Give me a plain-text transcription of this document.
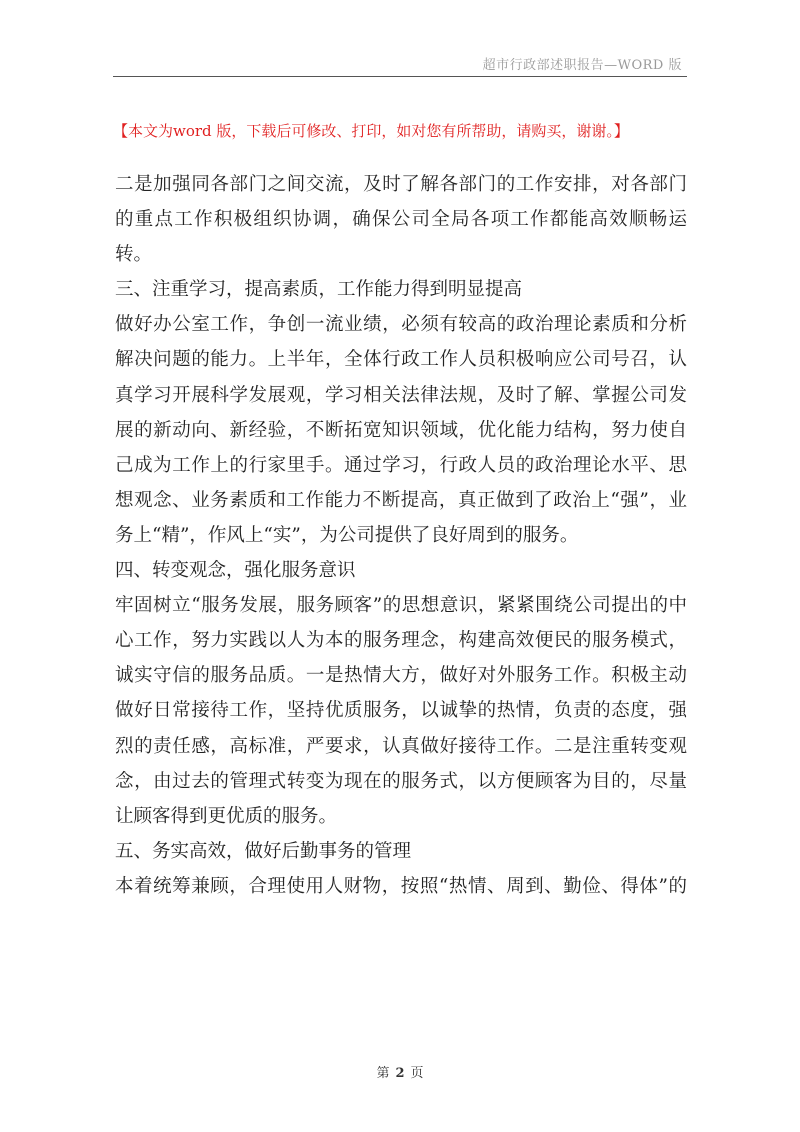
超市行政部述职报告—WORD 版
【本文为word 版，下载后可修改、打印，如对您有所帮助，请购买，谢谢。】
二是加强同各部门之间交流，及时了解各部门的工作安排，对各部门
的重点工作积极组织协调，确保公司全局各项工作都能高效顺畅运
转。
三、注重学习，提高素质，工作能力得到明显提高
做好办公室工作，争创一流业绩，必须有较高的政治理论素质和分析
解决问题的能力。上半年，全体行政工作人员积极响应公司号召，认
真学习开展科学发展观，学习相关法律法规，及时了解、掌握公司发
展的新动向、新经验，不断拓宽知识领域，优化能力结构，努力使自
己成为工作上的行家里手。通过学习，行政人员的政治理论水平、思
想观念、业务素质和工作能力不断提高，真正做到了政治上“强”，业
务上“精”，作风上“实”，为公司提供了良好周到的服务。
四、转变观念，强化服务意识
牢固树立“服务发展，服务顾客”的思想意识，紧紧围绕公司提出的中
心工作，努力实践以人为本的服务理念，构建高效便民的服务模式，
诚实守信的服务品质。一是热情大方，做好对外服务工作。积极主动
做好日常接待工作，坚持优质服务，以诚挚的热情，负责的态度，强
烈的责任感，高标准，严要求，认真做好接待工作。二是注重转变观
念，由过去的管理式转变为现在的服务式，以方便顾客为目的，尽量
让顾客得到更优质的服务。
五、务实高效，做好后勤事务的管理
本着统筹兼顾，合理使用人财物，按照“热情、周到、勤俭、得体”的
第 2 页
